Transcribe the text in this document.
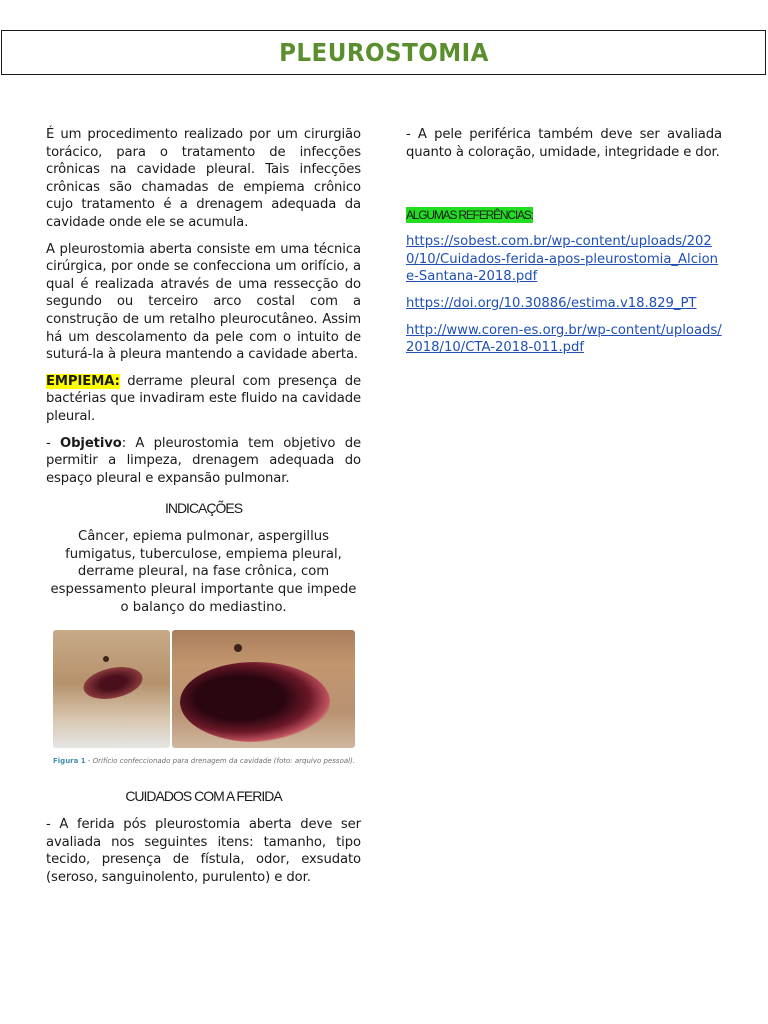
PLEUROSTOMIA

É um procedimento realizado por um cirurgião torácico, para o tratamento de infecções crônicas na cavidade pleural. Tais infecções crônicas são chamadas de empiema crônico cujo tratamento é a drenagem adequada da cavidade onde ele se acumula.

A pleurostomia aberta consiste em uma técnica cirúrgica, por onde se confecciona um orifício, a qual é realizada através de uma ressecção do segundo ou terceiro arco costal com a construção de um retalho pleurocutâneo. Assim há um descolamento da pele com o intuito de suturá-la à pleura mantendo a cavidade aberta.

EMPIEMA: derrame pleural com presença de bactérias que invadiram este fluido na cavidade pleural.

- Objetivo: A pleurostomia tem objetivo de permitir a limpeza, drenagem adequada do espaço pleural e expansão pulmonar.

INDICAÇÕES
Câncer, epiema pulmonar, aspergillus fumigatus, tuberculose, empiema pleural, derrame pleural, na fase crônica, com espessamento pleural importante que impede o balanço do mediastino.
Figura 1 - Orifício confeccionado para drenagem da cavidade (foto: arquivo pessoal).
CUIDADOS COM A FERIDA

- A ferida pós pleurostomia aberta deve ser avaliada nos seguintes itens: tamanho, tipo tecido, presença de fístula, odor, exsudato (seroso, sanguinolento, purulento) e dor.

- A pele periférica também deve ser avaliada quanto à coloração, umidade, integridade e dor.

ALGUMAS REFERÊNCIAS:
https://sobest.com.br/wp-content/uploads/2020/10/Cuidados-ferida-apos-pleurostomia_Alcione-Santana-2018.pdf
https://doi.org/10.30886/estima.v18.829_PT
http://www.coren-es.org.br/wp-content/uploads/2018/10/CTA-2018-011.pdf
